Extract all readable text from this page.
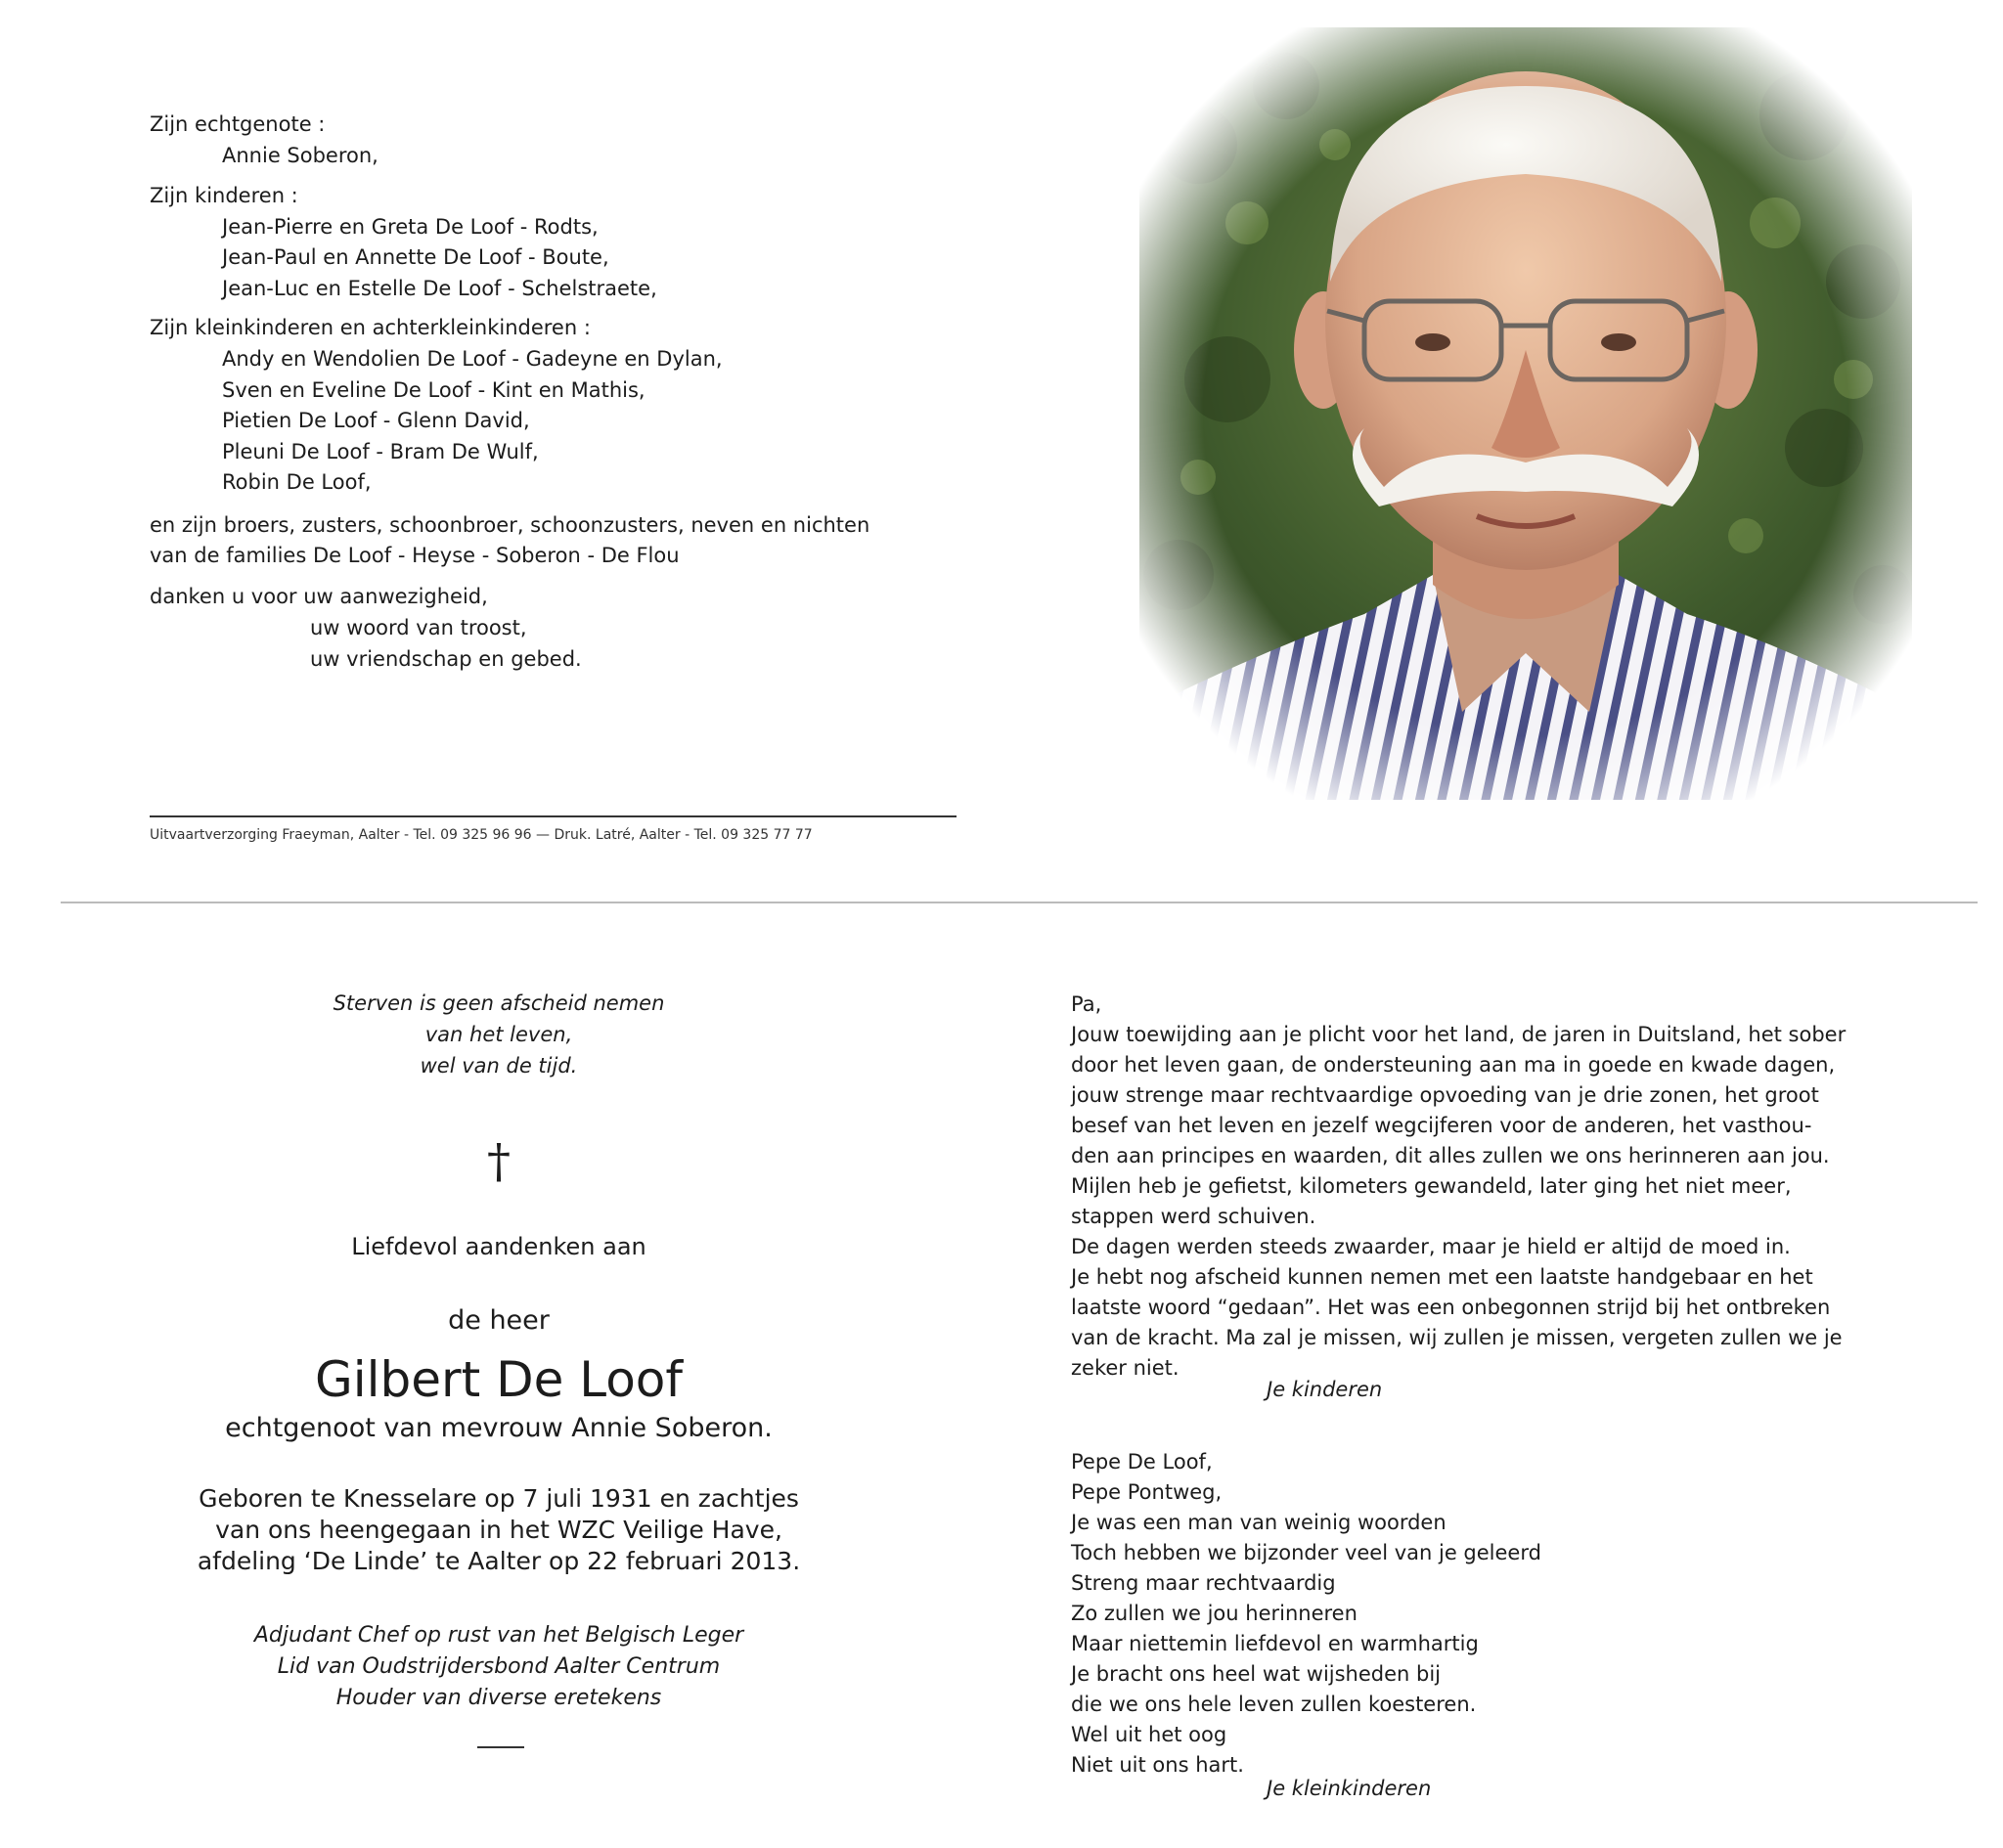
Zijn echtgenote :
Annie Soberon,
Zijn kinderen :
Jean-Pierre en Greta De Loof - Rodts,
Jean-Paul en Annette De Loof - Boute,
Jean-Luc en Estelle De Loof - Schelstraete,
Zijn kleinkinderen en achterkleinkinderen :
Andy en Wendolien De Loof - Gadeyne en Dylan,
Sven en Eveline De Loof - Kint en Mathis,
Pietien De Loof - Glenn David,
Pleuni De Loof - Bram De Wulf,
Robin De Loof,
en zijn broers, zusters, schoonbroer, schoonzusters, neven en nichten
van de families De Loof - Heyse - Soberon - De Flou
danken u voor uw aanwezigheid,
uw woord van troost,
uw vriendschap en gebed.
Uitvaartverzorging Fraeyman, Aalter - Tel. 09 325 96 96 — Druk. Latré, Aalter - Tel. 09 325 77 77
Sterven is geen afscheid nemen
van het leven,
wel van de tijd.
†
Liefdevol aandenken aan
de heer
Gilbert De Loof
echtgenoot van mevrouw Annie Soberon.
Geboren te Knesselare op 7 juli 1931 en zachtjes
van ons heengegaan in het WZC Veilige Have,
afdeling ‘De Linde’ te Aalter op 22 februari 2013.
Adjudant Chef op rust van het Belgisch Leger
Lid van Oudstrijdersbond Aalter Centrum
Houder van diverse eretekens
Pa,
Jouw toewijding aan je plicht voor het land, de jaren in Duitsland, het sober
door het leven gaan, de ondersteuning aan ma in goede en kwade dagen,
jouw strenge maar rechtvaardige opvoeding van je drie zonen, het groot
besef van het leven en jezelf wegcijferen voor de anderen, het vasthou-
den aan principes en waarden, dit alles zullen we ons herinneren aan jou.
Mijlen heb je gefietst, kilometers gewandeld, later ging het niet meer,
stappen werd schuiven.
De dagen werden steeds zwaarder, maar je hield er altijd de moed in.
Je hebt nog afscheid kunnen nemen met een laatste handgebaar en het
laatste woord “gedaan”. Het was een onbegonnen strijd bij het ontbreken
van de kracht. Ma zal je missen, wij zullen je missen, vergeten zullen we je
zeker niet.
Je kinderen
Pepe De Loof,
Pepe Pontweg,
Je was een man van weinig woorden
Toch hebben we bijzonder veel van je geleerd
Streng maar rechtvaardig
Zo zullen we jou herinneren
Maar niettemin liefdevol en warmhartig
Je bracht ons heel wat wijsheden bij
die we ons hele leven zullen koesteren.
Wel uit het oog
Niet uit ons hart.
Je kleinkinderen
